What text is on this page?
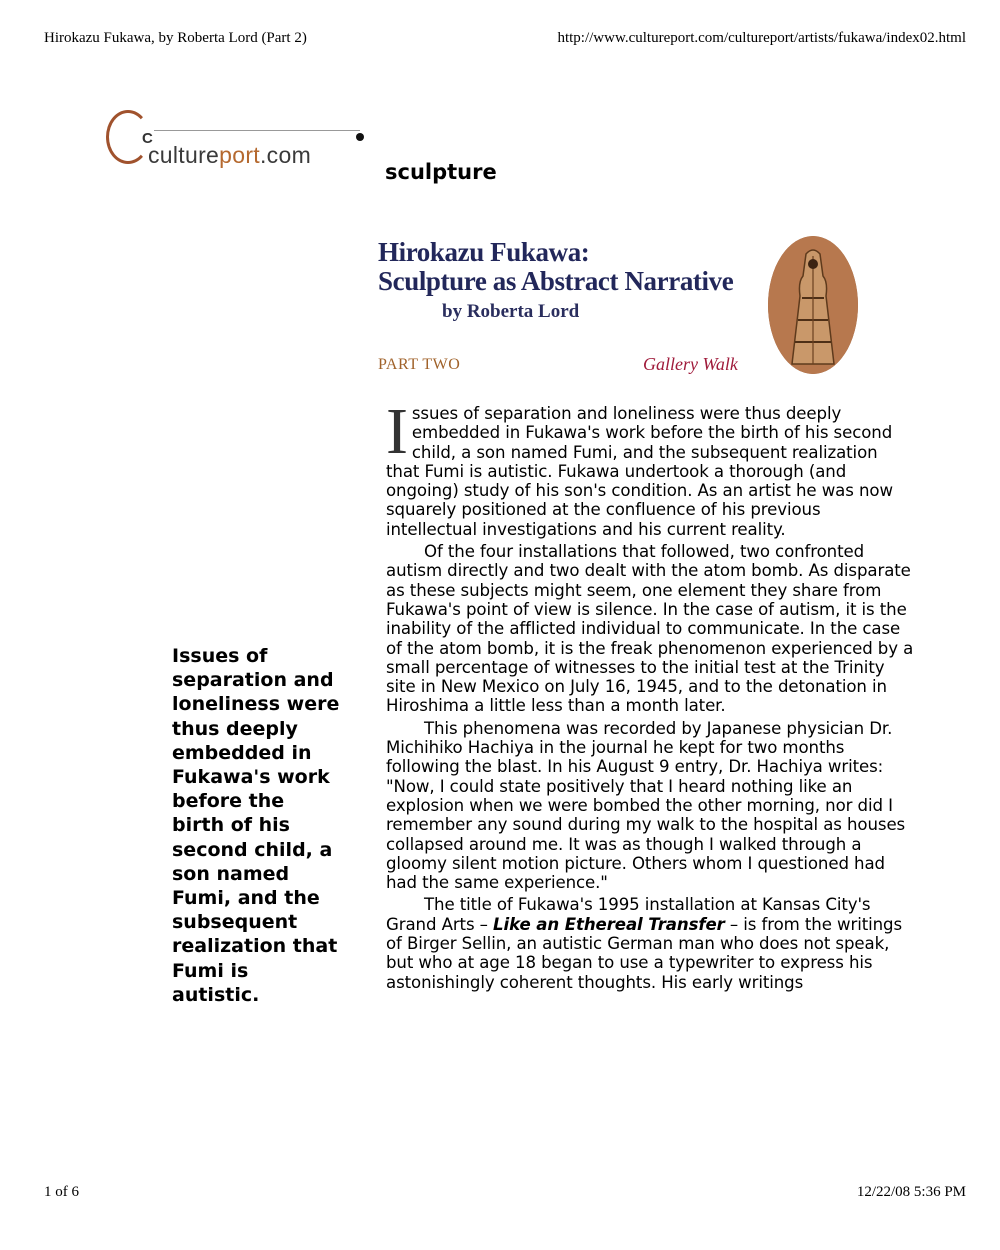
Hirokazu Fukawa, by Roberta Lord (Part 2)	http://www.cultureport.com/cultureport/artists/fukawa/index02.html
C
cultureport.com
sculpture
Hirokazu Fukawa:
Sculpture as Abstract Narrative
by Roberta Lord
PART TWO	Gallery Walk
Issues of separation and loneliness were thus deeply embedded in Fukawa's work before the birth of his second child, a son named Fumi, and the subsequent realization that Fumi is autistic.

Issues of separation and loneliness were thus deeply embedded in Fukawa's work before the birth of his second child, a son named Fumi, and the subsequent realization that Fumi is autistic. Fukawa undertook a thorough (and ongoing) study of his son's condition. As an artist he was now squarely positioned at the confluence of his previous intellectual investigations and his current reality.

Of the four installations that followed, two confronted autism directly and two dealt with the atom bomb. As disparate as these subjects might seem, one element they share from Fukawa's point of view is silence. In the case of autism, it is the inability of the afflicted individual to communicate. In the case of the atom bomb, it is the freak phenomenon experienced by a small percentage of witnesses to the initial test at the Trinity site in New Mexico on July 16, 1945, and to the detonation in Hiroshima a little less than a month later.

This phenomena was recorded by Japanese physician Dr. Michihiko Hachiya in the journal he kept for two months following the blast. In his August 9 entry, Dr. Hachiya writes: "Now, I could state positively that I heard nothing like an explosion when we were bombed the other morning, nor did I remember any sound during my walk to the hospital as houses collapsed around me. It was as though I walked through a gloomy silent motion picture. Others whom I questioned had had the same experience."

The title of Fukawa's 1995 installation at Kansas City's Grand Arts – Like an Ethereal Transfer – is from the writings of Birger Sellin, an autistic German man who does not speak, but who at age 18 began to use a typewriter to express his astonishingly coherent thoughts. His early writings

1 of 6	12/22/08 5:36 PM
